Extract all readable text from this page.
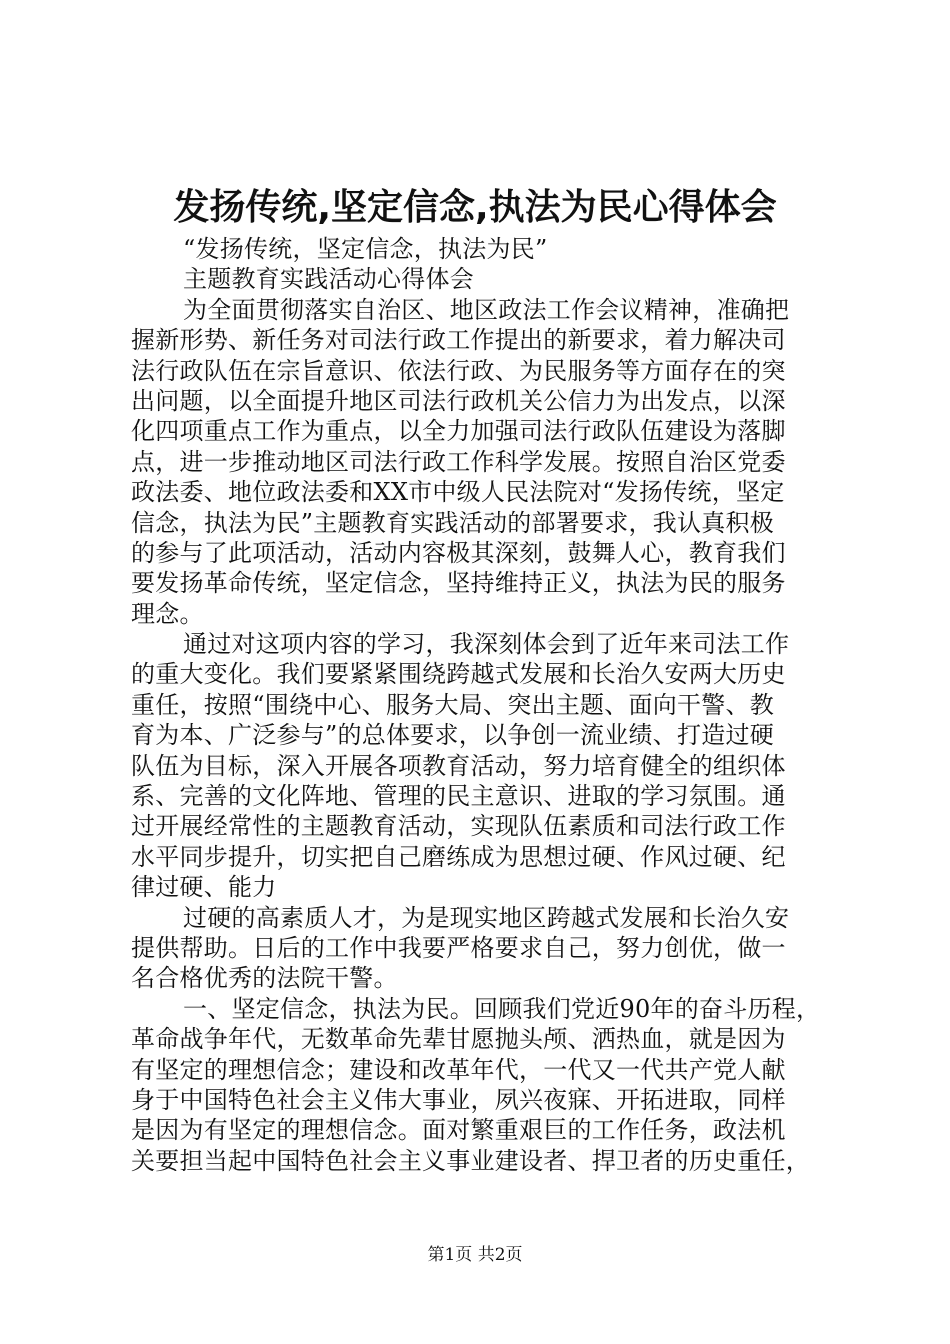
发扬传统,坚定信念,执法为民心得体会
“发扬传统，坚定信念，执法为民”
主题教育实践活动心得体会
为全面贯彻落实自治区、地区政法工作会议精神，准确把
握新形势、新任务对司法行政工作提出的新要求，着力解决司
法行政队伍在宗旨意识、依法行政、为民服务等方面存在的突
出问题，以全面提升地区司法行政机关公信力为出发点，以深
化四项重点工作为重点，以全力加强司法行政队伍建设为落脚
点，进一步推动地区司法行政工作科学发展。按照自治区党委
政法委、地位政法委和XX市中级人民法院对“发扬传统，坚定
信念，执法为民”主题教育实践活动的部署要求，我认真积极
的参与了此项活动，活动内容极其深刻，鼓舞人心，教育我们
要发扬革命传统，坚定信念，坚持维持正义，执法为民的服务
理念。
通过对这项内容的学习，我深刻体会到了近年来司法工作
的重大变化。我们要紧紧围绕跨越式发展和长治久安两大历史
重任，按照“围绕中心、服务大局、突出主题、面向干警、教
育为本、广泛参与”的总体要求，以争创一流业绩、打造过硬
队伍为目标，深入开展各项教育活动，努力培育健全的组织体
系、完善的文化阵地、管理的民主意识、进取的学习氛围。通
过开展经常性的主题教育活动，实现队伍素质和司法行政工作
水平同步提升，切实把自己磨练成为思想过硬、作风过硬、纪
律过硬、能力
过硬的高素质人才，为是现实地区跨越式发展和长治久安
提供帮助。日后的工作中我要严格要求自己，努力创优，做一
名合格优秀的法院干警。
一、坚定信念，执法为民。回顾我们党近90年的奋斗历程，
革命战争年代，无数革命先辈甘愿抛头颅、洒热血，就是因为
有坚定的理想信念；建设和改革年代，一代又一代共产党人献
身于中国特色社会主义伟大事业，夙兴夜寐、开拓进取，同样
是因为有坚定的理想信念。面对繁重艰巨的工作任务，政法机
关要担当起中国特色社会主义事业建设者、捍卫者的历史重任，
第1页 共2页
